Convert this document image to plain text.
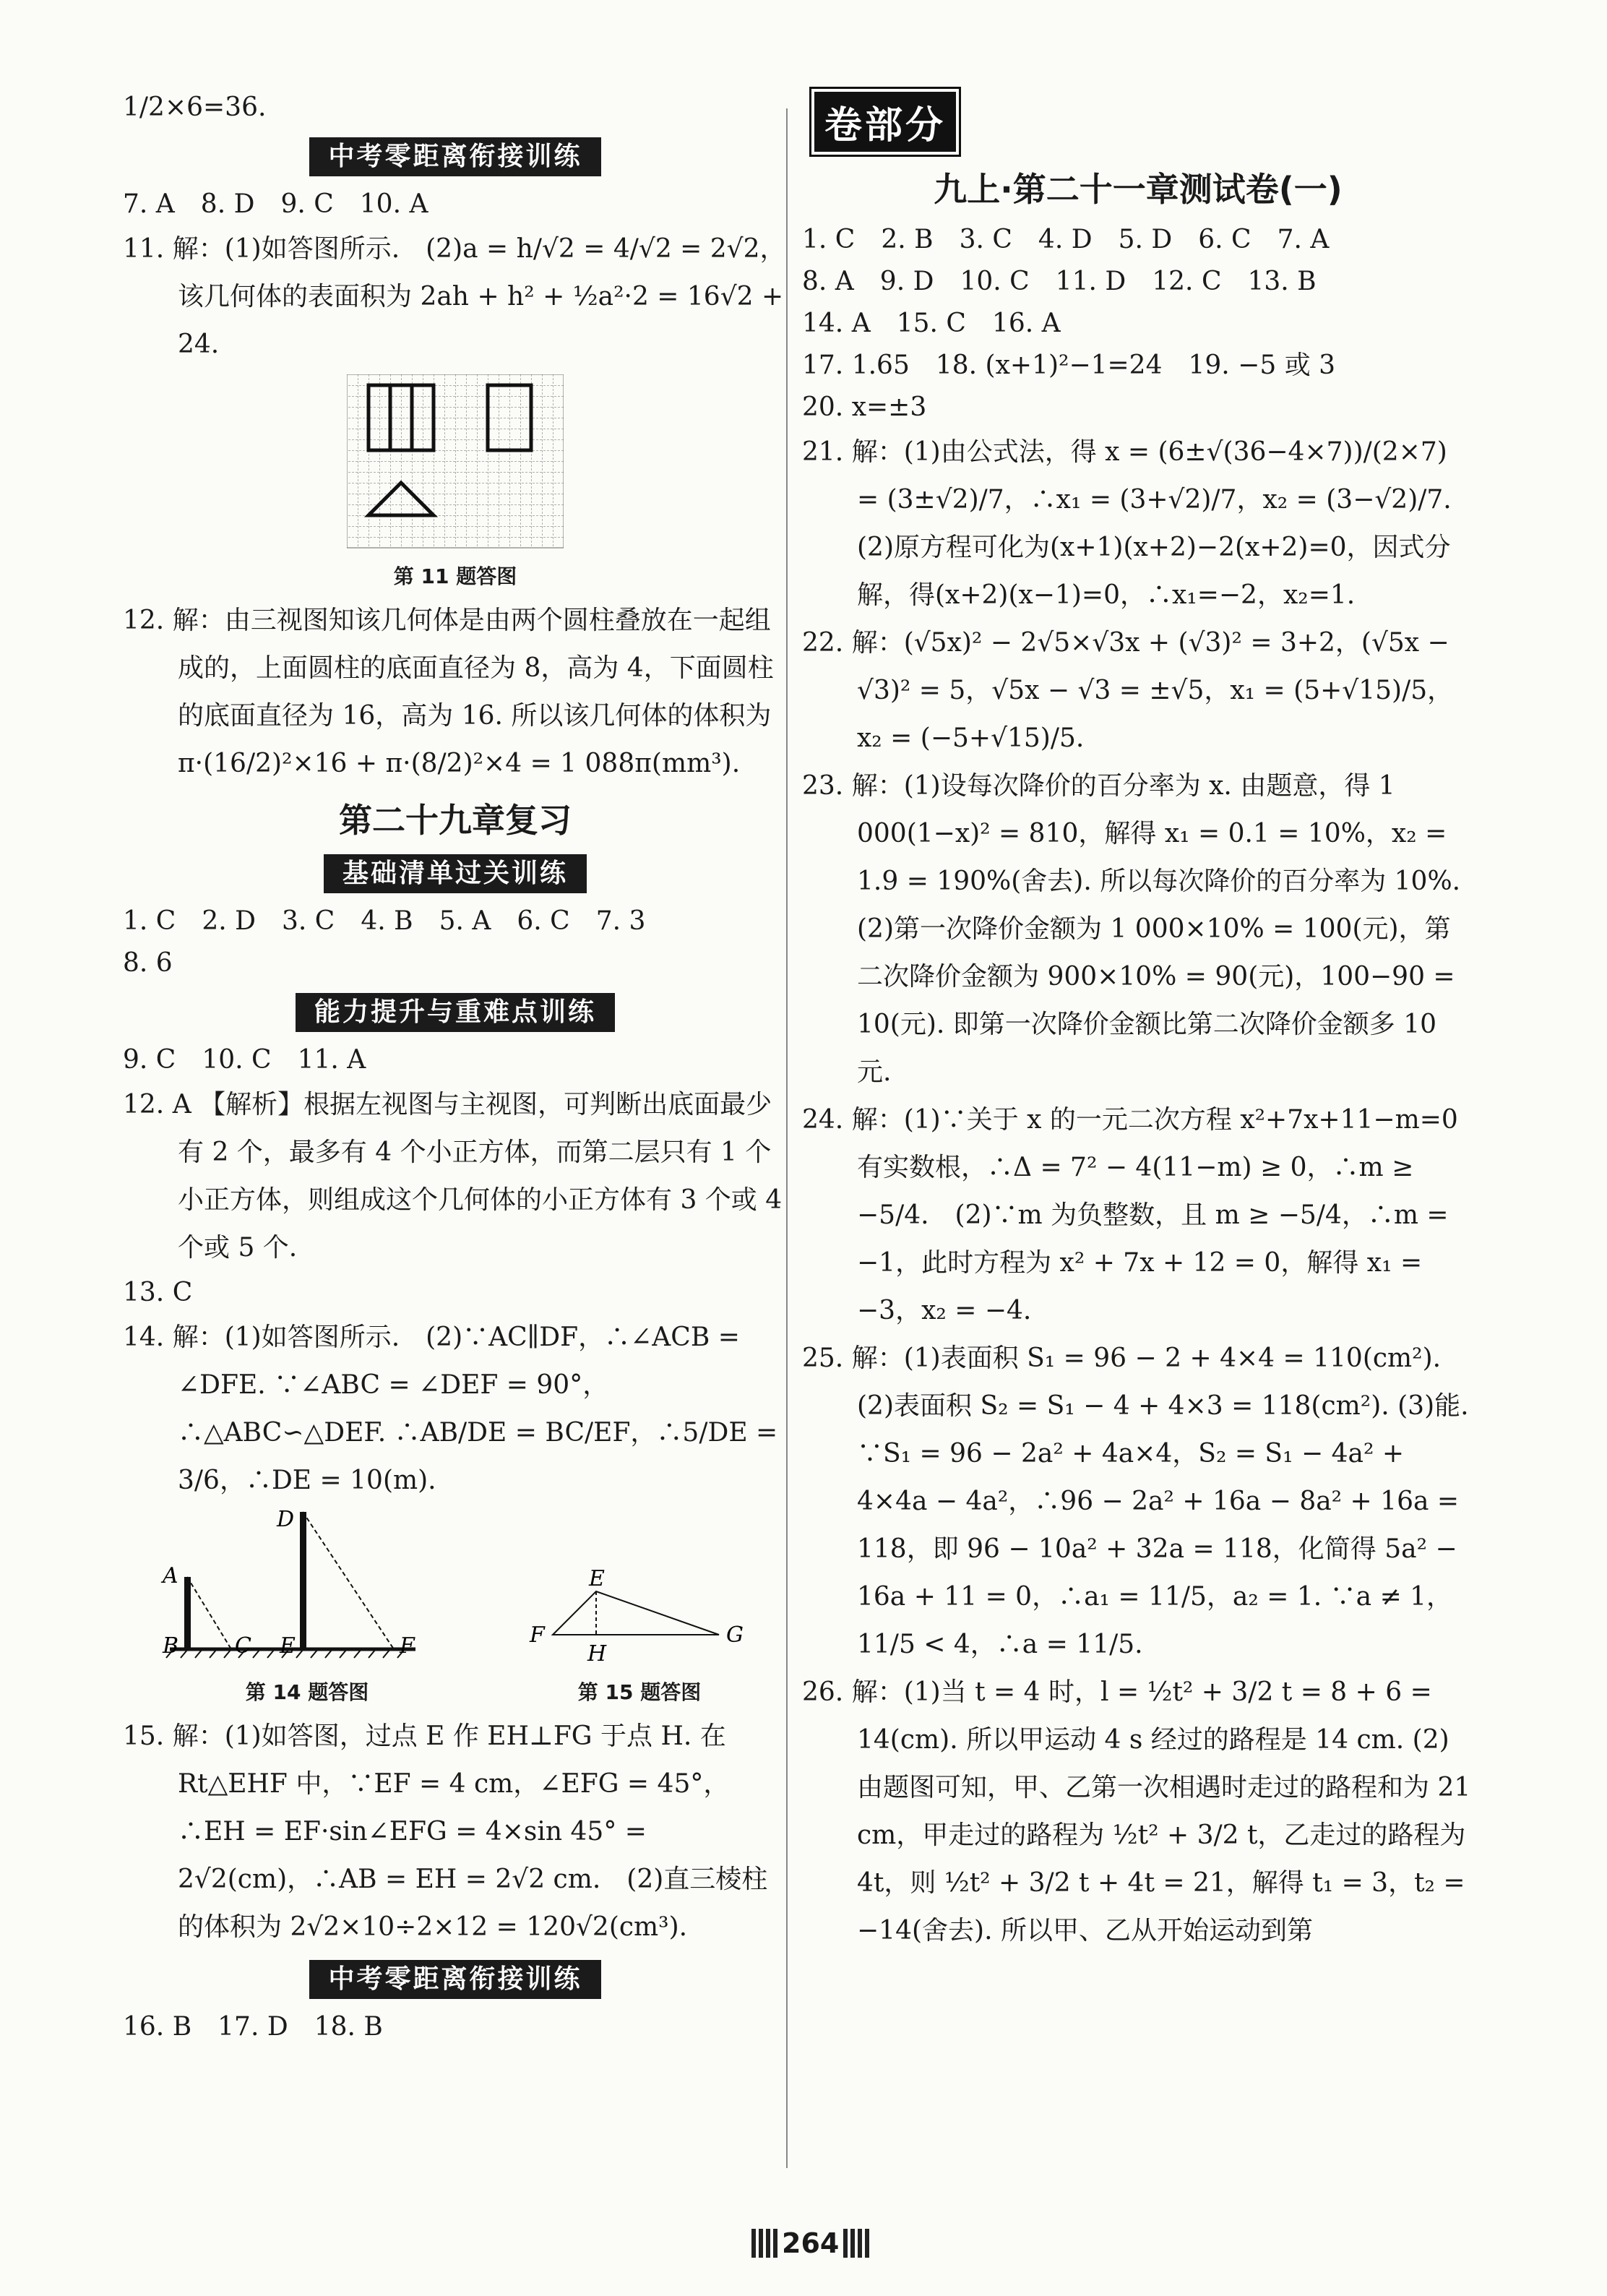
1/2×6=36.

中考零距离衔接训练

7. A　8. D　9. C　10. A

11. 解：(1)如答图所示.　(2)a = h/√2 = 4/√2 = 2√2，该几何体的表面积为 2ah + h² + ½a²·2 = 16√2 + 24.

第 11 题答图

12. 解：由三视图知该几何体是由两个圆柱叠放在一起组成的，上面圆柱的底面直径为 8，高为 4，下面圆柱的底面直径为 16，高为 16. 所以该几何体的体积为 π·(16/2)²×16 + π·(8/2)²×4 = 1 088π(mm³).

第二十九章复习
基础清单过关训练

1. C　2. D　3. C　4. B　5. A　6. C　7. 3

8. 6

能力提升与重难点训练

9. C　10. C　11. A

12. A 【解析】根据左视图与主视图，可判断出底面最少有 2 个，最多有 4 个小正方体，而第二层只有 1 个小正方体，则组成这个几何体的小正方体有 3 个或 4 个或 5 个.

13. C

14. 解：(1)如答图所示.　(2)∵AC∥DF，∴∠ACB = ∠DFE. ∵∠ABC = ∠DEF = 90°，∴△ABC∽△DEF. ∴AB/DE = BC/EF，∴5/DE = 3/6，∴DE = 10(m).

A
B	C
D
E	F
第 14 题答图
E
F	G
H
第 15 题答图

15. 解：(1)如答图，过点 E 作 EH⊥FG 于点 H. 在 Rt△EHF 中，∵EF = 4 cm，∠EFG = 45°，∴EH = EF·sin∠EFG = 4×sin 45° = 2√2(cm)，∴AB = EH = 2√2 cm.　(2)直三棱柱的体积为 2√2×10÷2×12 = 120√2(cm³).

中考零距离衔接训练

16. B　17. D　18. B

卷部分
九上·第二十一章测试卷(一)

1. C　2. B　3. C　4. D　5. D　6. C　7. A

8. A　9. D　10. C　11. D　12. C　13. B

14. A　15. C　16. A

17. 1.65　18. (x+1)²−1=24　19. −5 或 3

20. x=±3

21. 解：(1)由公式法，得 x = (6±√(36−4×7))/(2×7) = (3±√2)/7，∴x₁ = (3+√2)/7，x₂ = (3−√2)/7.　(2)原方程可化为(x+1)(x+2)−2(x+2)=0，因式分解，得(x+2)(x−1)=0，∴x₁=−2，x₂=1.

22. 解：(√5x)² − 2√5×√3x + (√3)² = 3+2，(√5x − √3)² = 5，√5x − √3 = ±√5，x₁ = (5+√15)/5，x₂ = (−5+√15)/5.

23. 解：(1)设每次降价的百分率为 x. 由题意，得 1 000(1−x)² = 810，解得 x₁ = 0.1 = 10%，x₂ = 1.9 = 190%(舍去). 所以每次降价的百分率为 10%.　(2)第一次降价金额为 1 000×10% = 100(元)，第二次降价金额为 900×10% = 90(元)，100−90 = 10(元). 即第一次降价金额比第二次降价金额多 10 元.

24. 解：(1)∵关于 x 的一元二次方程 x²+7x+11−m=0 有实数根，∴Δ = 7² − 4(11−m) ≥ 0，∴m ≥ −5/4.　(2)∵m 为负整数，且 m ≥ −5/4，∴m = −1，此时方程为 x² + 7x + 12 = 0，解得 x₁ = −3，x₂ = −4.

25. 解：(1)表面积 S₁ = 96 − 2 + 4×4 = 110(cm²). (2)表面积 S₂ = S₁ − 4 + 4×3 = 118(cm²). (3)能. ∵S₁ = 96 − 2a² + 4a×4，S₂ = S₁ − 4a² + 4×4a − 4a²，∴96 − 2a² + 16a − 8a² + 16a = 118，即 96 − 10a² + 32a = 118，化简得 5a² − 16a + 11 = 0，∴a₁ = 11/5，a₂ = 1. ∵a ≠ 1，11/5 < 4，∴a = 11/5.

26. 解：(1)当 t = 4 时，l = ½t² + 3/2 t = 8 + 6 = 14(cm). 所以甲运动 4 s 经过的路程是 14 cm. (2)由题图可知，甲、乙第一次相遇时走过的路程和为 21 cm，甲走过的路程为 ½t² + 3/2 t，乙走过的路程为 4t，则 ½t² + 3/2 t + 4t = 21，解得 t₁ = 3，t₂ = −14(舍去). 所以甲、乙从开始运动到第

264
